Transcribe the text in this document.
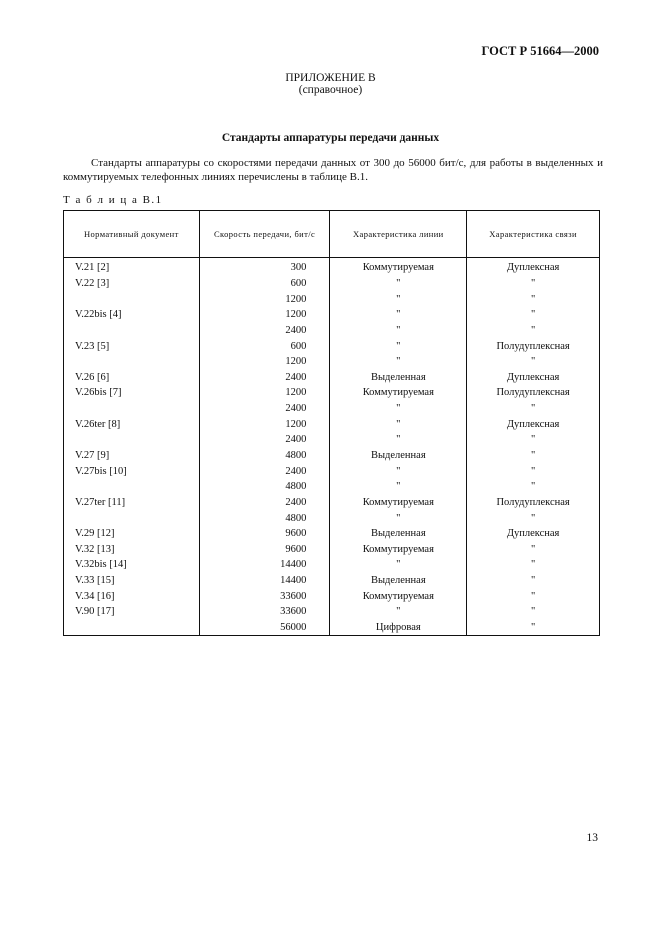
ГОСТ Р 51664—2000
ПРИЛОЖЕНИЕ В
(справочное)
Стандарты аппаратуры передачи данных
Стандарты аппаратуры со скоростями передачи данных от 300 до 56000 бит/с, для работы в выделенных и коммутируемых телефонных линиях перечислены в таблице В.1.
Т а б л и ц а В.1
Нормативный документ	Скорость передачи, бит/с	Характеристика линии	Характеристика связи
V.21 [2]	300	Коммутируемая	Дуплексная
V.22 [3]	600	"	"
	1200	"	"
V.22bis [4]	1200	"	"
	2400	"	"
V.23 [5]	600	"	Полудуплексная
	1200	"	"
V.26 [6]	2400	Выделенная	Дуплексная
V.26bis [7]	1200	Коммутируемая	Полудуплексная
	2400	"	"
V.26ter [8]	1200	"	Дуплексная
	2400	"	"
V.27 [9]	4800	Выделенная	"
V.27bis [10]	2400	"	"
	4800	"	"
V.27ter [11]	2400	Коммутируемая	Полудуплексная
	4800	"	"
V.29 [12]	9600	Выделенная	Дуплексная
V.32 [13]	9600	Коммутируемая	"
V.32bis [14]	14400	"	"
V.33 [15]	14400	Выделенная	"
V.34 [16]	33600	Коммутируемая	"
V.90 [17]	33600	"	"
	56000	Цифровая	"
13
